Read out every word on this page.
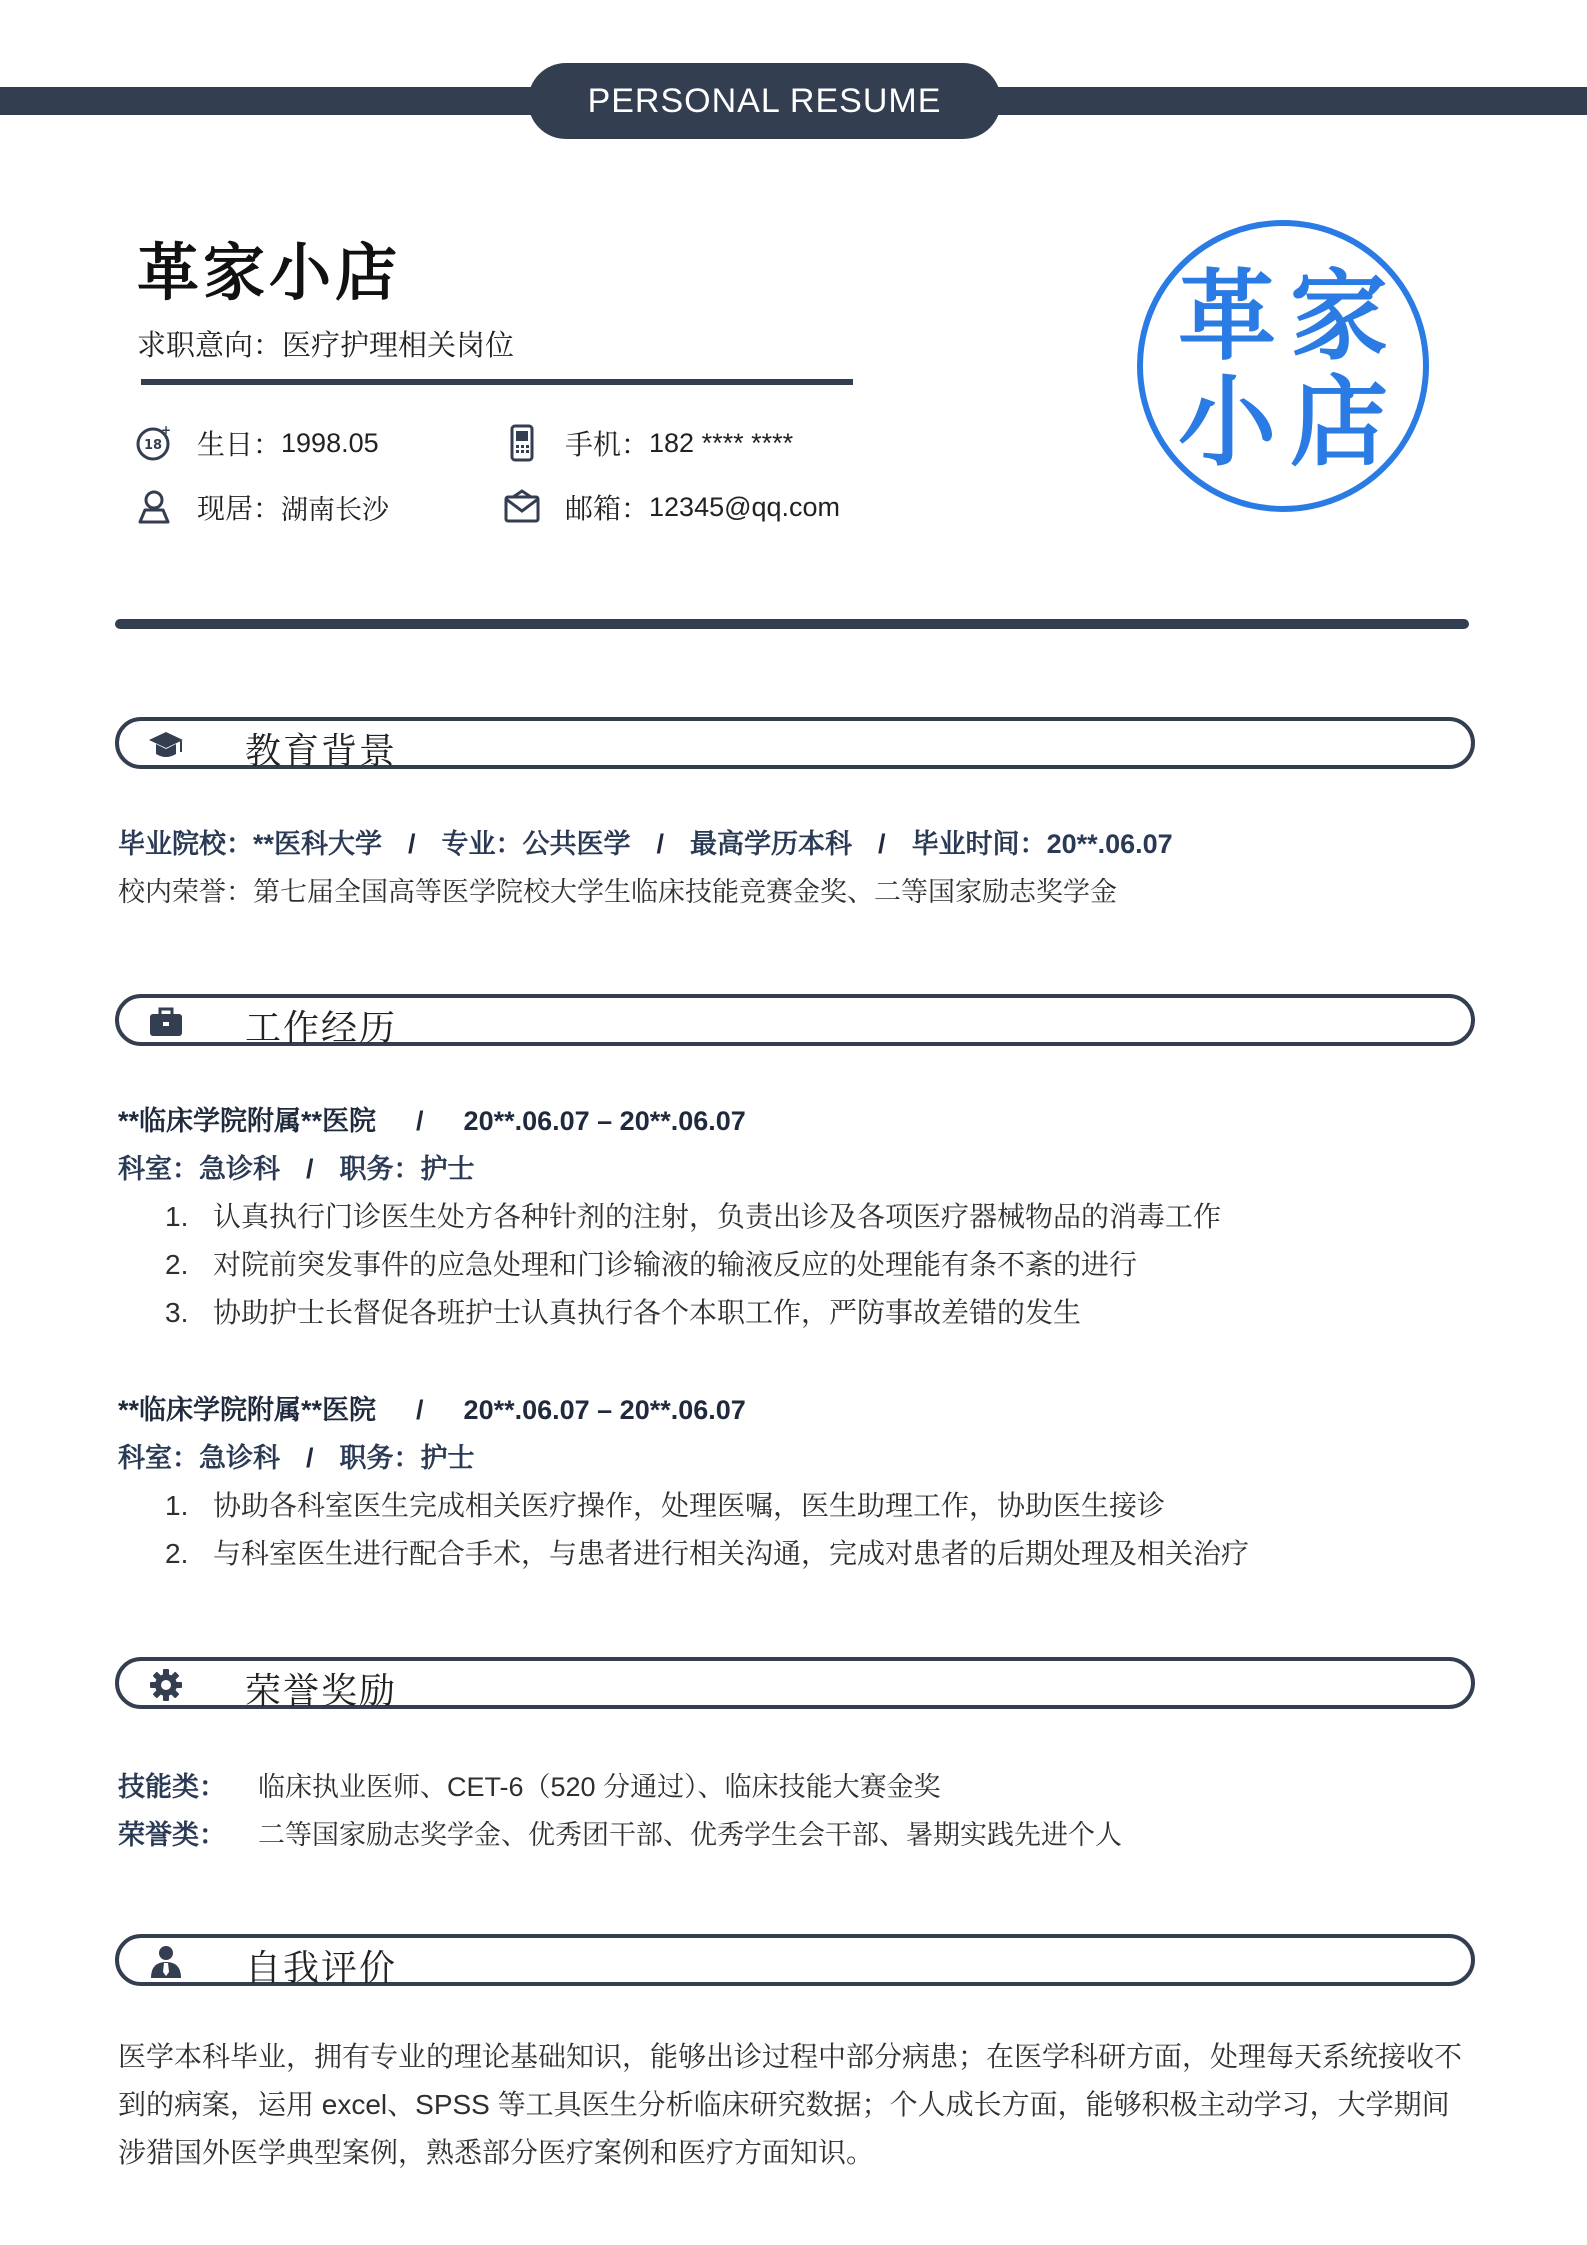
PERSONAL RESUME
革家小店
求职意向：医疗护理相关岗位
18
+ 生日： 1998.05	手机： 182 **** ****
现居： 湖南长沙	邮箱： 12345@qq.com
革 家
小 店
教育背景
毕业院校：**医科大学 / 专业：公共医学 / 最高学历本科 / 毕业时间：20**.06.07
校内荣誉：第七届全国高等医学院校大学生临床技能竞赛金奖、二等国家励志奖学金
工作经历
**临床学院附属**医院 / 20**.06.07 – 20**.06.07
科室：急诊科 / 职务：护士
1. 认真执行门诊医生处方各种针剂的注射，负责出诊及各项医疗器械物品的消毒工作
2. 对院前突发事件的应急处理和门诊输液的输液反应的处理能有条不紊的进行
3. 协助护士长督促各班护士认真执行各个本职工作，严防事故差错的发生
**临床学院附属**医院 / 20**.06.07 – 20**.06.07
科室：急诊科 / 职务：护士
1. 协助各科室医生完成相关医疗操作，处理医嘱，医生助理工作，协助医生接诊
2. 与科室医生进行配合手术，与患者进行相关沟通，完成对患者的后期处理及相关治疗
荣誉奖励
技能类： 临床执业医师、CET-6（520 分通过）、临床技能大赛金奖
荣誉类： 二等国家励志奖学金、优秀团干部、优秀学生会干部、暑期实践先进个人
自我评价
医学本科毕业，拥有专业的理论基础知识，能够出诊过程中部分病患；在医学科研方面，处理每天系统接收不到的病案，运用 excel、SPSS 等工具医生分析临床研究数据；个人成长方面，能够积极主动学习，大学期间涉猎国外医学典型案例，熟悉部分医疗案例和医疗方面知识。
